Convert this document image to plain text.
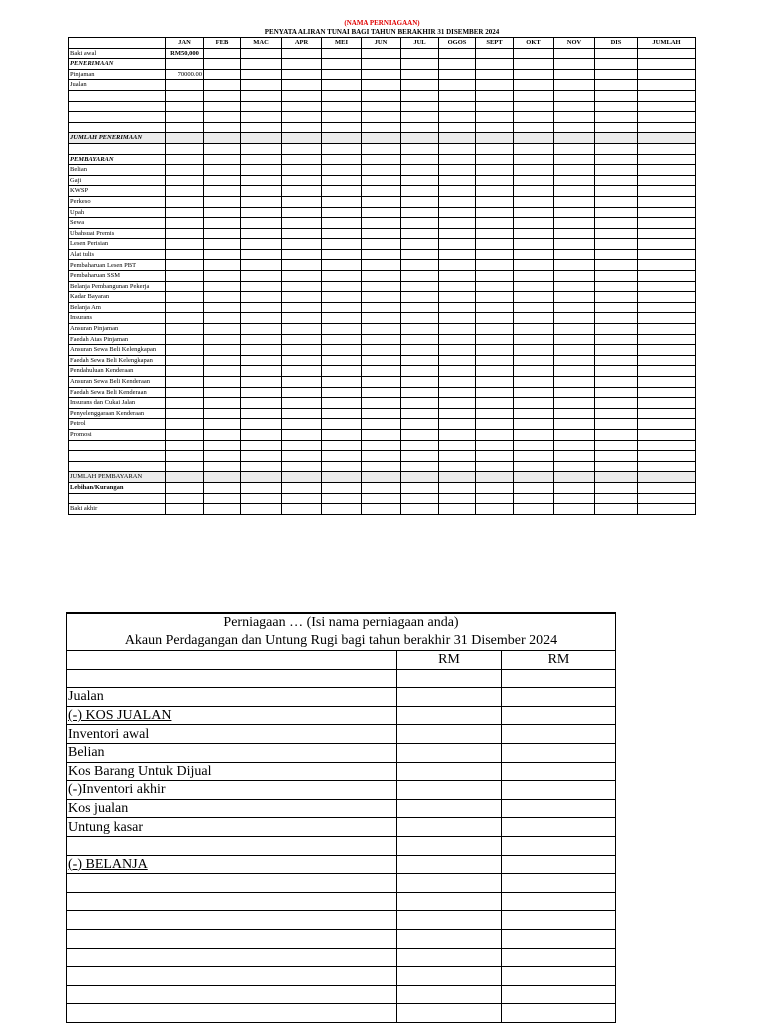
(NAMA PERNIAGAAN)
PENYATA ALIRAN TUNAI BAGI TAHUN BERAKHIR 31 DISEMBER 2024
	JAN	FEB	MAC	APR	MEI	JUN	JUL	OGOS	SEPT	OKT	NOV	DIS	JUMLAH
Baki awal	RM50,000												
PENERIMAAN													
Pinjaman	70000.00												
Jualan													

JUMLAH PENERIMAAN													

PEMBAYARAN													
Belian													
Gaji													
KWSP													
Perkeso													
Upah													
Sewa													
Ubahsuai Premis													
Lesen Perisian													
Alat tulis													
Pembaharuan Lesen PBT													
Pembaharuan SSM													
Belanja Pembangunan Pekerja													
Kadar Bayaran													
Belanja Am													
Insurans													
Ansuran Pinjaman													
Faedah Atas Pinjaman													
Ansuran Sewa Beli Kelengkapan													
Faedah Sewa Beli Kelengkapan													
Pendahuluan Kenderaan													
Ansuran Sewa Beli Kenderaan													
Faedah Sewa Beli Kenderaan													
Insurans dan Cukai Jalan													
Penyelenggaraan Kenderaan													
Petrol													
Promosi													

JUMLAH PEMBAYARAN													
Lebihan/Kurangan													

Baki akhir													
Perniagaan … (Isi nama perniagaan anda)
Akaun Perdagangan dan Untung Rugi bagi tahun berakhir 31 Disember 2024		

	RM	RM

Jualan		
(-) KOS JUALAN		
Inventori awal		
Belian		
Kos Barang Untuk Dijual		
(-)Inventori akhir		
Kos jualan		
Untung kasar		

(-) BELANJA		
